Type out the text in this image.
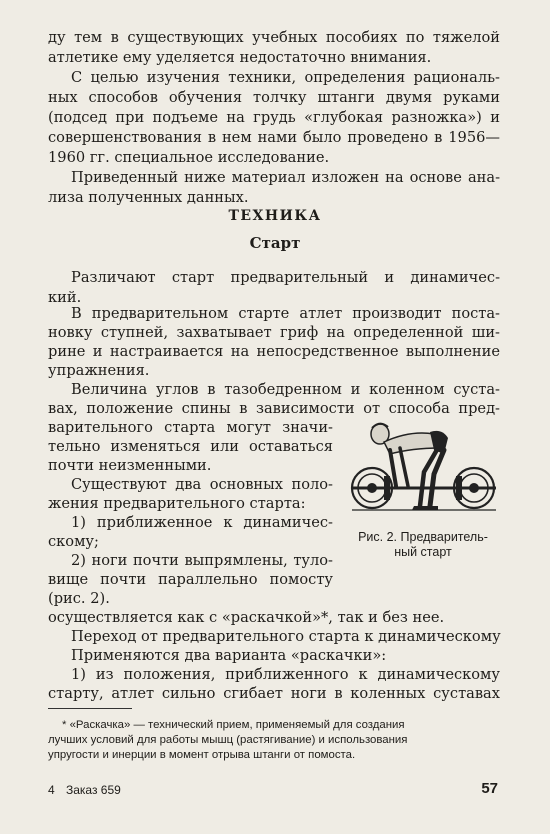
ду тем в существующих учебных пособиях по тяжелой
атлетике ему уделяется недостаточно внимания.
С целью изучения техники, определения рациональ-
ных способов обучения толчку штанги двумя руками
(подсед при подъеме на грудь «глубокая разножка») и
совершенствования в нем нами было проведено в 1956—
1960 гг. специальное исследование.
Приведенный ниже материал изложен на основе ана-
лиза полученных данных.
ТЕХНИКА
Старт
Различают старт предварительный и динамичес-
кий.
В предварительном старте атлет производит поста-
новку ступней, захватывает гриф на определенной ши-
рине и настраивается на непосредственное выполнение
упражнения.
Величина углов в тазобедренном и коленном суста-
вах, положение спины в зависимости от способа пред-
варительного старта могут значи-
тельно изменяться или оставаться
почти неизменными.
Существуют два основных поло-
жения предварительного старта:
1) приближенное к динамичес-
скому;
2) ноги почти выпрямлены, туло-
вище почти параллельно помосту
(рис. 2).
осуществляется как с «раскачкой»*, так и без нее.
Переход от предварительного старта к динамическому
Применяются два варианта «раскачки»:
1) из положения, приближенного к динамическому
старту, атлет сильно сгибает ноги в коленных суставах
Рис. 2. Предваритель-
ный старт
* «Раскачка» — технический прием, применяемый для создания
лучших условий для работы мышц (растягивание) и использования
упругости и инерции в момент отрыва штанги от помоста.
4 Заказ 659	57
